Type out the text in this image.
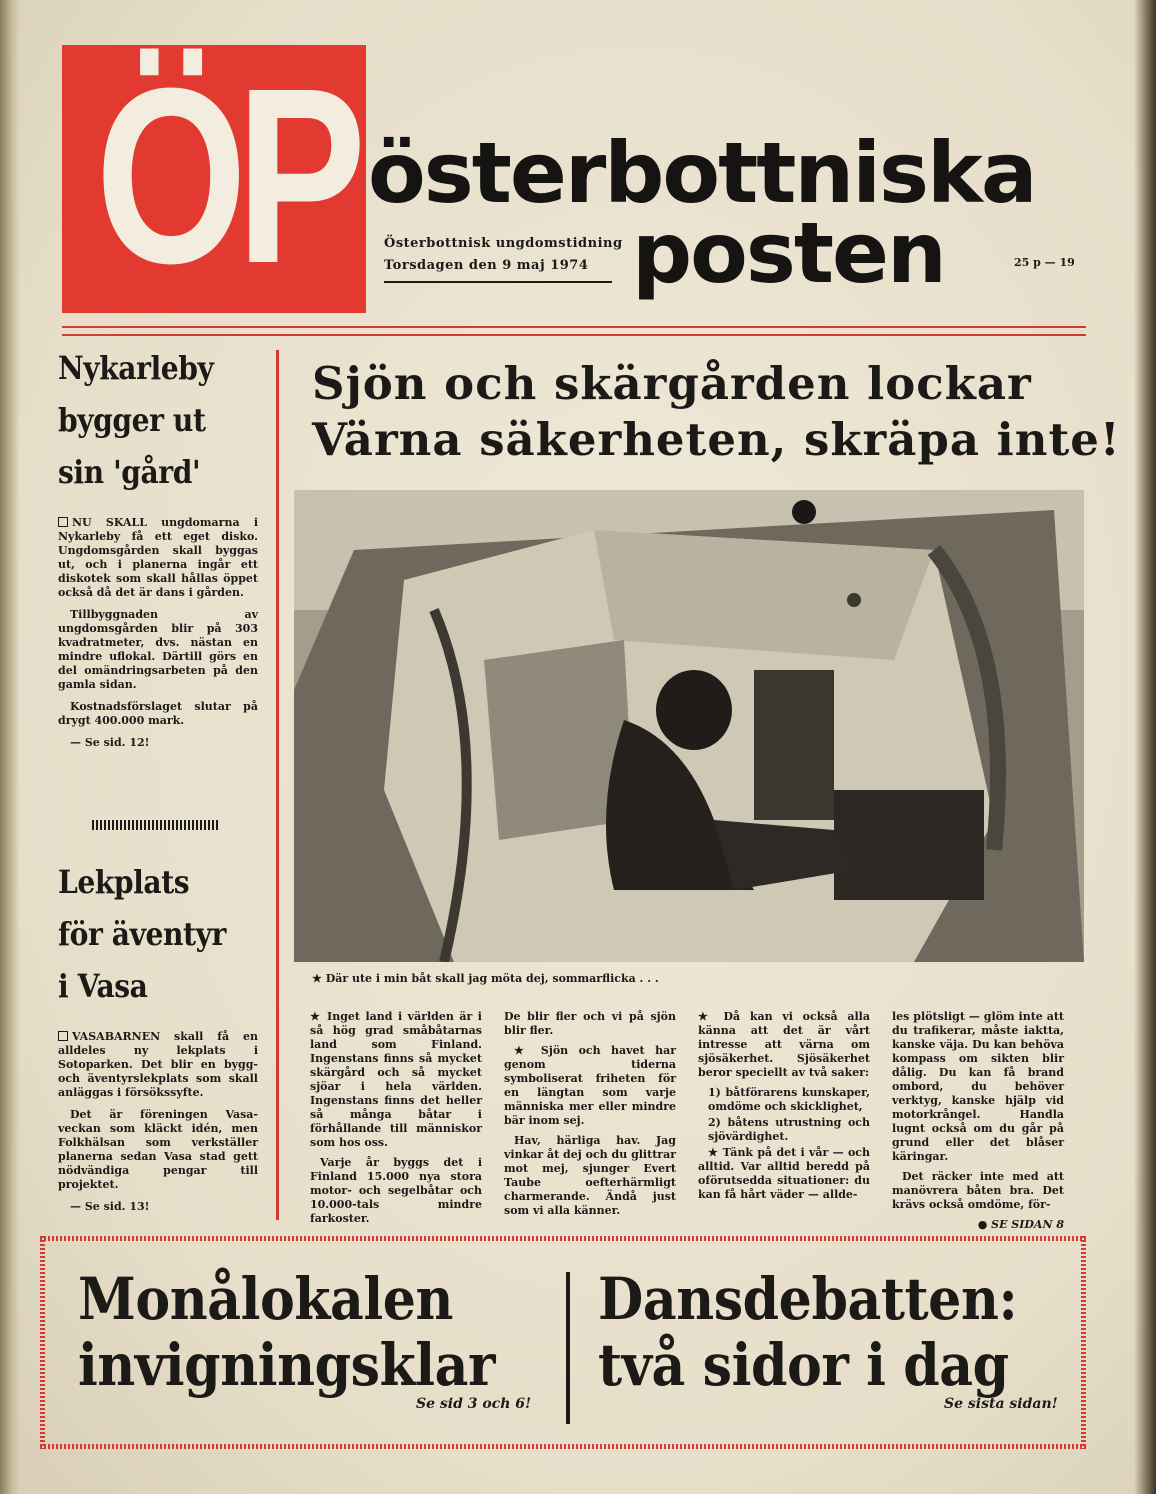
ÖP österbottniska
posten
Österbottnisk ungdomstidning
Torsdagen den 9 maj 1974	25 p — 19
Nykarleby
bygger ut
sin 'gård'

NU SKALL ungdomarna i Nykarleby få ett eget disko. Ungdomsgården skall byggas ut, och i planerna ingår ett diskotek som skall hållas öppet också då det är dans i gården.

Tillbyggnaden av ungdomsgården blir på 303 kvadratmeter, dvs. nästan en mindre uflokal. Därtill görs en del omändringsarbeten på den gamla sidan.

Kostnadsförslaget slutar på drygt 400.000 mark.

— Se sid. 12!

Lekplats
för äventyr
i Vasa

VASABARNEN skall få en alldeles ny lekplats i Sotoparken. Det blir en bygg- och äventyrslekplats som skall anläggas i försökssyfte.

Det är föreningen Vasa-veckan som kläckt idén, men Folkhälsan som verkställer planerna sedan Vasa stad gett nödvändiga pengar till projektet.

— Se sid. 13!

Sjön och skärgården lockar
Värna säkerheten, skräpa inte!
★ Där ute i min båt skall jag möta dej, sommarflicka . . .

★ Inget land i världen är i så hög grad småbåtarnas land som Finland. Ingenstans finns så mycket skärgård och så mycket sjöar i hela världen. Ingenstans finns det heller så många båtar i förhållande till människor som hos oss.

Varje år byggs det i Finland 15.000 nya stora motor- och segelbåtar och 10.000-tals mindre farkoster.

De blir fler och vi på sjön blir fler.

★ Sjön och havet har genom tiderna symboliserat friheten för en längtan som varje människa mer eller mindre bär inom sej.

Hav, härliga hav. Jag vinkar åt dej och du glittrar mot mej, sjunger Evert Taube oefterhärmligt charmerande. Ändå just som vi alla känner.

★ Då kan vi också alla känna att det är vårt intresse att värna om sjösäkerhet. Sjösäkerhet beror speciellt av två saker:

1) båtförarens kunskaper, omdöme och skicklighet,

2) båtens utrustning och sjövärdighet.

★ Tänk på det i vår — och alltid. Var alltid beredd på oförutsedda situationer: du kan få hårt väder — allde-

les plötsligt — glöm inte att du trafikerar, måste iaktta, kanske väja. Du kan behöva kompass om sikten blir dålig. Du kan få brand ombord, du behöver verktyg, kanske hjälp vid motorkrångel. Handla lugnt också om du går på grund eller det blåser käringar.

Det räcker inte med att manövrera båten bra. Det krävs också omdöme, för-

● SE SIDAN 8

Monålokalen
invigningsklar
Se sid 3 och 6!
Dansdebatten:
två sidor i dag
Se sista sidan!
